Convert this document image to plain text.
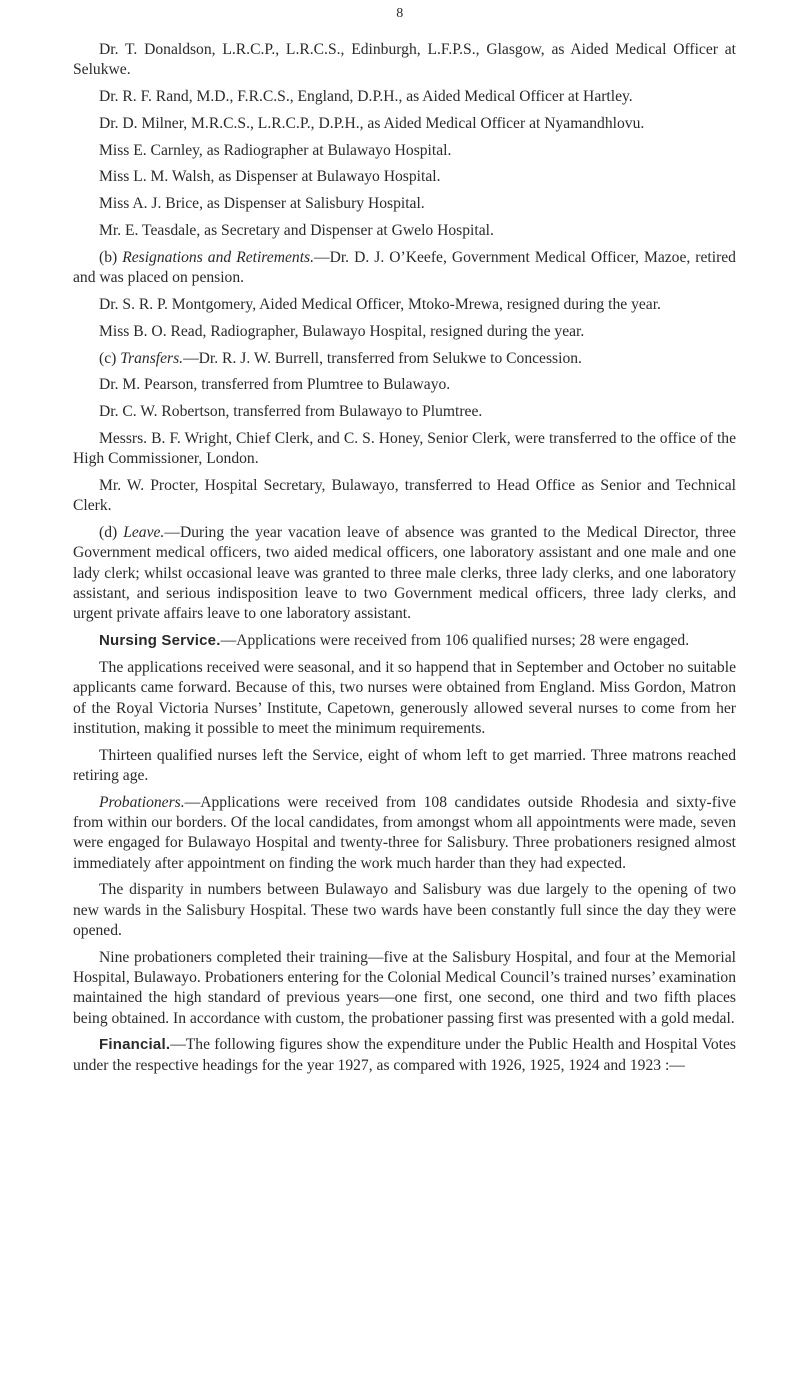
8

Dr. T. Donaldson, L.R.C.P., L.R.C.S., Edinburgh, L.F.P.S., Glasgow, as Aided Medical Officer at Selukwe.

Dr. R. F. Rand, M.D., F.R.C.S., England, D.P.H., as Aided Medical Officer at Hartley.

Dr. D. Milner, M.R.C.S., L.R.C.P., D.P.H., as Aided Medical Officer at Nyamandhlovu.

Miss E. Carnley, as Radiographer at Bulawayo Hospital.

Miss L. M. Walsh, as Dispenser at Bulawayo Hospital.

Miss A. J. Brice, as Dispenser at Salisbury Hospital.

Mr. E. Teasdale, as Secretary and Dispenser at Gwelo Hospital.

(b) Resignations and Retirements.—Dr. D. J. O’Keefe, Government Medical Officer, Mazoe, retired and was placed on pension.

Dr. S. R. P. Montgomery, Aided Medical Officer, Mtoko-Mrewa, resigned during the year.

Miss B. O. Read, Radiographer, Bulawayo Hospital, resigned during the year.

(c) Transfers.—Dr. R. J. W. Burrell, transferred from Selukwe to Concession.

Dr. M. Pearson, transferred from Plumtree to Bulawayo.

Dr. C. W. Robertson, transferred from Bulawayo to Plumtree.

Messrs. B. F. Wright, Chief Clerk, and C. S. Honey, Senior Clerk, were transferred to the office of the High Commissioner, London.

Mr. W. Procter, Hospital Secretary, Bulawayo, transferred to Head Office as Senior and Technical Clerk.

(d) Leave.—During the year vacation leave of absence was granted to the Medical Director, three Government medical officers, two aided medical officers, one laboratory assistant and one male and one lady clerk; whilst occasional leave was granted to three male clerks, three lady clerks, and one laboratory assistant, and serious indisposition leave to two Government medical officers, three lady clerks, and urgent private affairs leave to one laboratory assistant.

Nursing Service.—Applications were received from 106 qualified nurses; 28 were engaged.

The applications received were seasonal, and it so happend that in September and October no suitable applicants came forward. Because of this, two nurses were obtained from England. Miss Gordon, Matron of the Royal Victoria Nurses’ Institute, Capetown, generously allowed several nurses to come from her institution, making it possible to meet the minimum requirements.

Thirteen qualified nurses left the Service, eight of whom left to get married. Three matrons reached retiring age.

Probationers.—Applications were received from 108 candidates outside Rhodesia and sixty-five from within our borders. Of the local candidates, from amongst whom all appointments were made, seven were engaged for Bulawayo Hospital and twenty-three for Salisbury. Three probationers resigned almost immediately after appointment on finding the work much harder than they had expected.

The disparity in numbers between Bulawayo and Salisbury was due largely to the opening of two new wards in the Salisbury Hospital. These two wards have been constantly full since the day they were opened.

Nine probationers completed their training—five at the Salisbury Hospital, and four at the Memorial Hospital, Bulawayo. Probationers entering for the Colonial Medical Council’s trained nurses’ examination maintained the high standard of previous years—one first, one second, one third and two fifth places being obtained. In accordance with custom, the probationer passing first was presented with a gold medal.

Financial.—The following figures show the expenditure under the Public Health and Hospital Votes under the respective headings for the year 1927, as compared with 1926, 1925, 1924 and 1923 :—
